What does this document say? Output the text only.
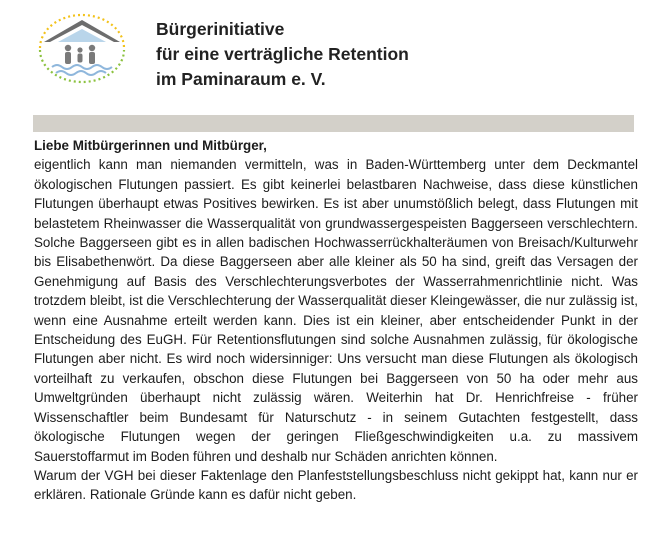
Bürgerinitiative
für eine verträgliche Retention
im Paminaraum e. V.

Liebe Mitbürgerinnen und Mitbürger,

eigentlich kann man niemanden vermitteln, was in Baden-Württemberg unter dem Deckmantel ökologischen Flutungen passiert. Es gibt keinerlei belastbaren Nachweise, dass diese künstlichen Flutungen überhaupt etwas Positives bewirken. Es ist aber unumstößlich belegt, dass Flutungen mit belastetem Rheinwasser die Wasserqualität von grundwassergespeisten Baggerseen verschlechtern. Solche Baggerseen gibt es in allen badischen Hochwasserrückhalteräumen von Breisach/Kulturwehr bis Elisabethenwört. Da diese Baggerseen aber alle kleiner als 50 ha sind, greift das Versagen der Genehmigung auf Basis des Verschlechterungsverbotes der Wasserrahmenrichtlinie nicht. Was trotzdem bleibt, ist die Verschlechterung der Wasserqualität dieser Kleingewässer, die nur zulässig ist, wenn eine Ausnahme erteilt werden kann. Dies ist ein kleiner, aber entscheidender Punkt in der Entscheidung des EuGH. Für Retentionsflutungen sind solche Ausnahmen zulässig, für ökologische Flutungen aber nicht. Es wird noch widersinniger: Uns versucht man diese Flutungen als ökologisch vorteilhaft zu verkaufen, obschon diese Flutungen bei Baggerseen von 50 ha oder mehr aus Umweltgründen überhaupt nicht zulässig wären. Weiterhin hat Dr. Henrichfreise - früher Wissenschaftler beim Bundesamt für Naturschutz - in seinem Gutachten festgestellt, dass ökologische Flutungen wegen der geringen Fließgeschwindigkeiten u.a. zu massivem Sauerstoffarmut im Boden führen und deshalb nur Schäden anrichten können.

Warum der VGH bei dieser Faktenlage den Planfeststellungsbeschluss nicht gekippt hat, kann nur er erklären. Rationale Gründe kann es dafür nicht geben.
